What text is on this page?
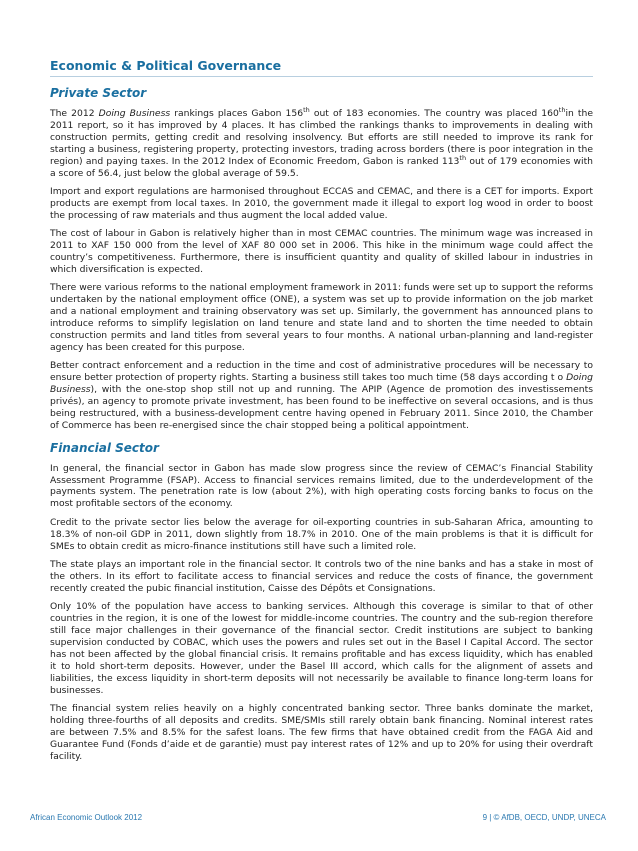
Economic & Political Governance
Private Sector

The 2012 Doing Business rankings places Gabon 156th out of 183 economies. The country was placed 160thin the 2011 report, so it has improved by 4 places. It has climbed the rankings thanks to improvements in dealing with construction permits, getting credit and resolving insolvency. But efforts are still needed to improve its rank for starting a business, registering property, protecting investors, trading across borders (there is poor integration in the region) and paying taxes. In the 2012 Index of Economic Freedom, Gabon is ranked 113th out of 179 economies with a score of 56.4, just below the global average of 59.5.

Import and export regulations are harmonised throughout ECCAS and CEMAC, and there is a CET for imports. Export products are exempt from local taxes. In 2010, the government made it illegal to export log wood in order to boost the processing of raw materials and thus augment the local added value.

The cost of labour in Gabon is relatively higher than in most CEMAC countries. The minimum wage was increased in 2011 to XAF 150 000 from the level of XAF 80 000 set in 2006. This hike in the minimum wage could affect the country’s competitiveness. Furthermore, there is insufficient quantity and quality of skilled labour in industries in which diversification is expected.

There were various reforms to the national employment framework in 2011: funds were set up to support the reforms undertaken by the national employment office (ONE), a system was set up to provide information on the job market and a national employment and training observatory was set up. Similarly, the government has announced plans to introduce reforms to simplify legislation on land tenure and state land and to shorten the time needed to obtain construction permits and land titles from several years to four months. A national urban-planning and land-register agency has been created for this purpose.

Better contract enforcement and a reduction in the time and cost of administrative procedures will be necessary to ensure better protection of property rights. Starting a business still takes too much time (58 days according t o Doing Business), with the one-stop shop still not up and running. The APIP (Agence de promotion des investissements privés), an agency to promote private investment, has been found to be ineffective on several occasions, and is thus being restructured, with a business-development centre having opened in February 2011. Since 2010, the Chamber of Commerce has been re-energised since the chair stopped being a political appointment.

Financial Sector

In general, the financial sector in Gabon has made slow progress since the review of CEMAC’s Financial Stability Assessment Programme (FSAP). Access to financial services remains limited, due to the underdevelopment of the payments system. The penetration rate is low (about 2%), with high operating costs forcing banks to focus on the most profitable sectors of the economy.

Credit to the private sector lies below the average for oil-exporting countries in sub-Saharan Africa, amounting to 18.3% of non-oil GDP in 2011, down slightly from 18.7% in 2010. One of the main problems is that it is difficult for SMEs to obtain credit as micro-finance institutions still have such a limited role.

The state plays an important role in the financial sector. It controls two of the nine banks and has a stake in most of the others. In its effort to facilitate access to financial services and reduce the costs of finance, the government recently created the pubic financial institution, Caisse des Dépôts et Consignations.

Only 10% of the population have access to banking services. Although this coverage is similar to that of other countries in the region, it is one of the lowest for middle-income countries. The country and the sub-region therefore still face major challenges in their governance of the financial sector. Credit institutions are subject to banking supervision conducted by COBAC, which uses the powers and rules set out in the Basel I Capital Accord. The sector has not been affected by the global financial crisis. It remains profitable and has excess liquidity, which has enabled it to hold short-term deposits. However, under the Basel III accord, which calls for the alignment of assets and liabilities, the excess liquidity in short-term deposits will not necessarily be available to finance long-term loans for businesses.

The financial system relies heavily on a highly concentrated banking sector. Three banks dominate the market, holding three-fourths of all deposits and credits. SME/SMIs still rarely obtain bank financing. Nominal interest rates are between 7.5% and 8.5% for the safest loans. The few firms that have obtained credit from the FAGA Aid and Guarantee Fund (Fonds d’aide et de garantie) must pay interest rates of 12% and up to 20% for using their overdraft facility.

African Economic Outlook 2012	9 | © AfDB, OECD, UNDP, UNECA
